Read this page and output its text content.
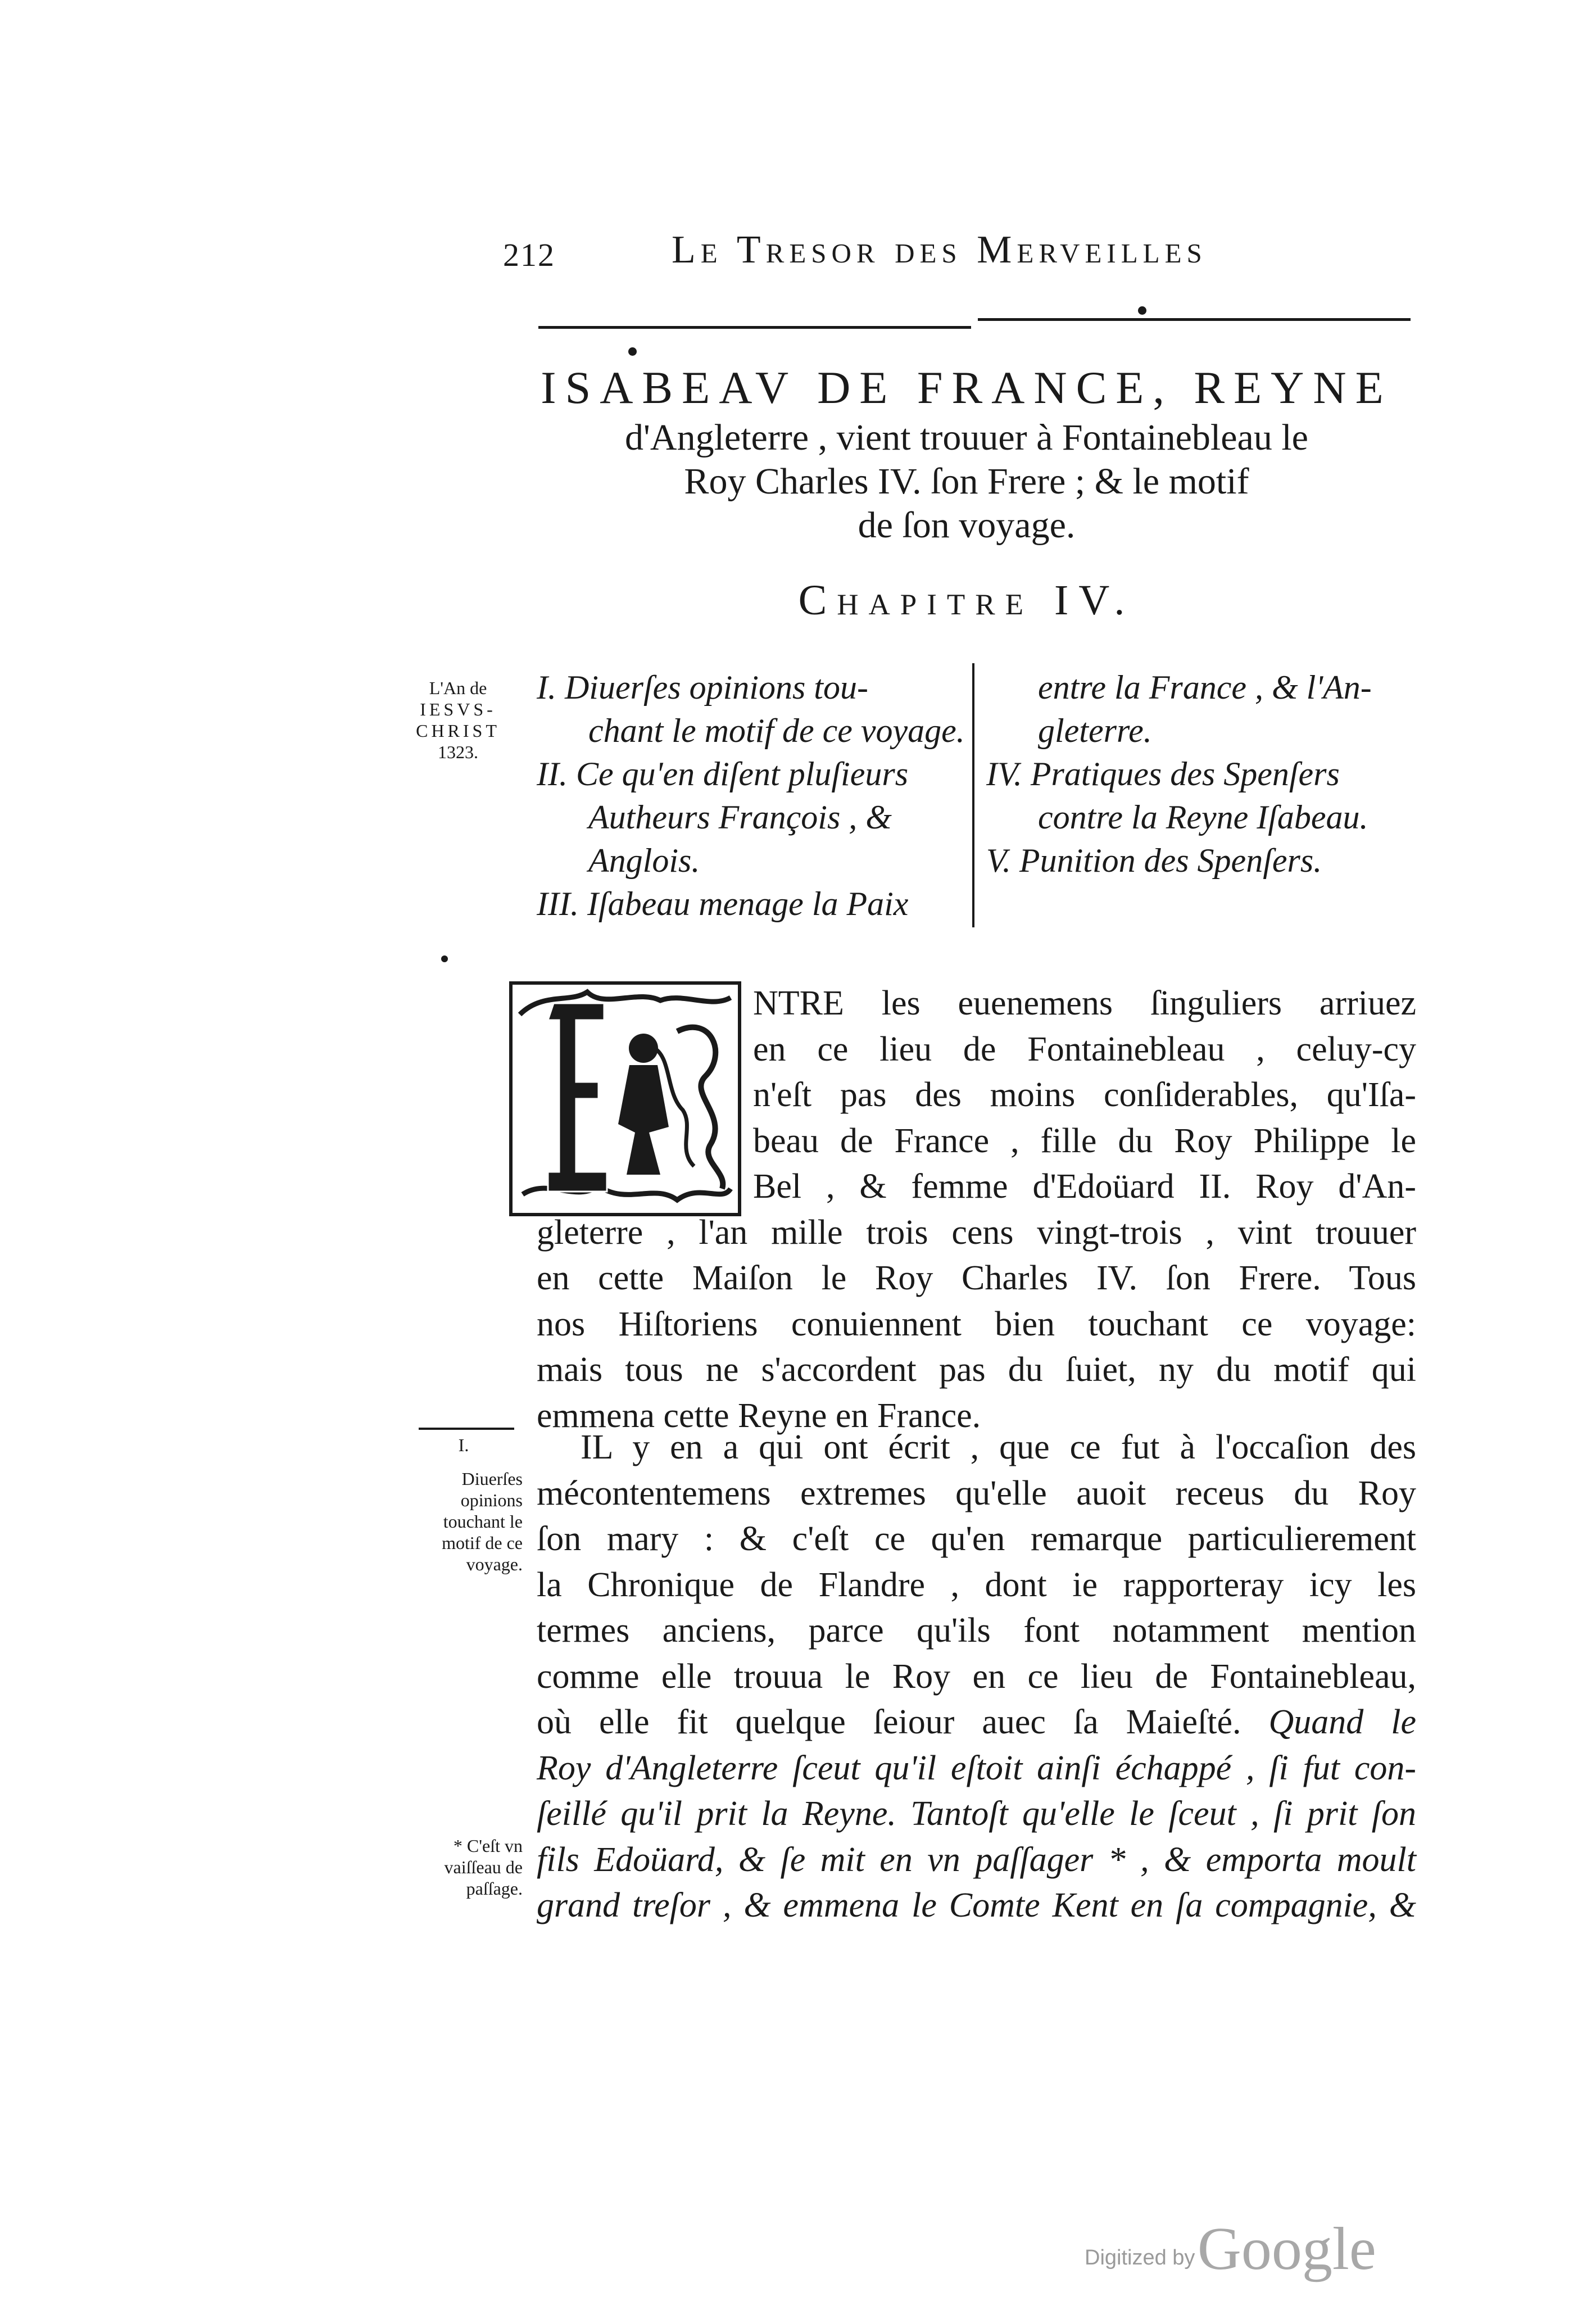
212	Le Tresor des Merveilles
ISABEAV DE FRANCE, REYNE
d'Angleterre , vient trouuer à Fontainebleau le
Roy Charles IV. ſon Frere ; & le motif
de ſon voyage.
Chapitre IV.
L'An de
IESVS-
CHRIST
1323.
I. Diuerſes opinions tou-
chant le motif de ce voyage.
II. Ce qu'en diſent pluſieurs
Autheurs François , &
Anglois.
III. Iſabeau menage la Paix
entre la France , & l'An-
gleterre.
IV. Pratiques des Spenſers
contre la Reyne Iſabeau.
V. Punition des Spenſers.
E
NTRE les euenemens ſinguliers arriuez
en ce lieu de Fontainebleau , celuy-cy
n'eſt pas des moins conſiderables, qu'Iſa-
beau de France , fille du Roy Philippe le
Bel , & femme d'Edoüard II. Roy d'An-
gleterre , l'an mille trois cens vingt-trois , vint trouuer
en cette Maiſon le Roy Charles IV. ſon Frere. Tous
nos Hiſtoriens conuiennent bien touchant ce voyage:
mais tous ne s'accordent pas du ſuiet, ny du motif qui
emmena cette Reyne en France.
I.
Diuerſes
opinions
touchant le
motif de ce
voyage.
IL y en a qui ont écrit , que ce fut à l'occaſion des
mécontentemens extremes qu'elle auoit receus du Roy
ſon mary : & c'eſt ce qu'en remarque particulierement
la Chronique de Flandre , dont ie rapporteray icy les
termes anciens, parce qu'ils font notamment mention
comme elle trouua le Roy en ce lieu de Fontainebleau,
où elle fit quelque ſeiour auec ſa Maieſté. Quand le
Roy d'Angleterre ſceut qu'il eſtoit ainſi échappé , ſi fut con-
ſeillé qu'il prit la Reyne. Tantoſt qu'elle le ſceut , ſi prit ſon
fils Edoüard, & ſe mit en vn paſſager * , & emporta moult
grand treſor , & emmena le Comte Kent en ſa compagnie, &
* C'eſt vn
vaiſſeau de
paſſage.
Digitized by Google
